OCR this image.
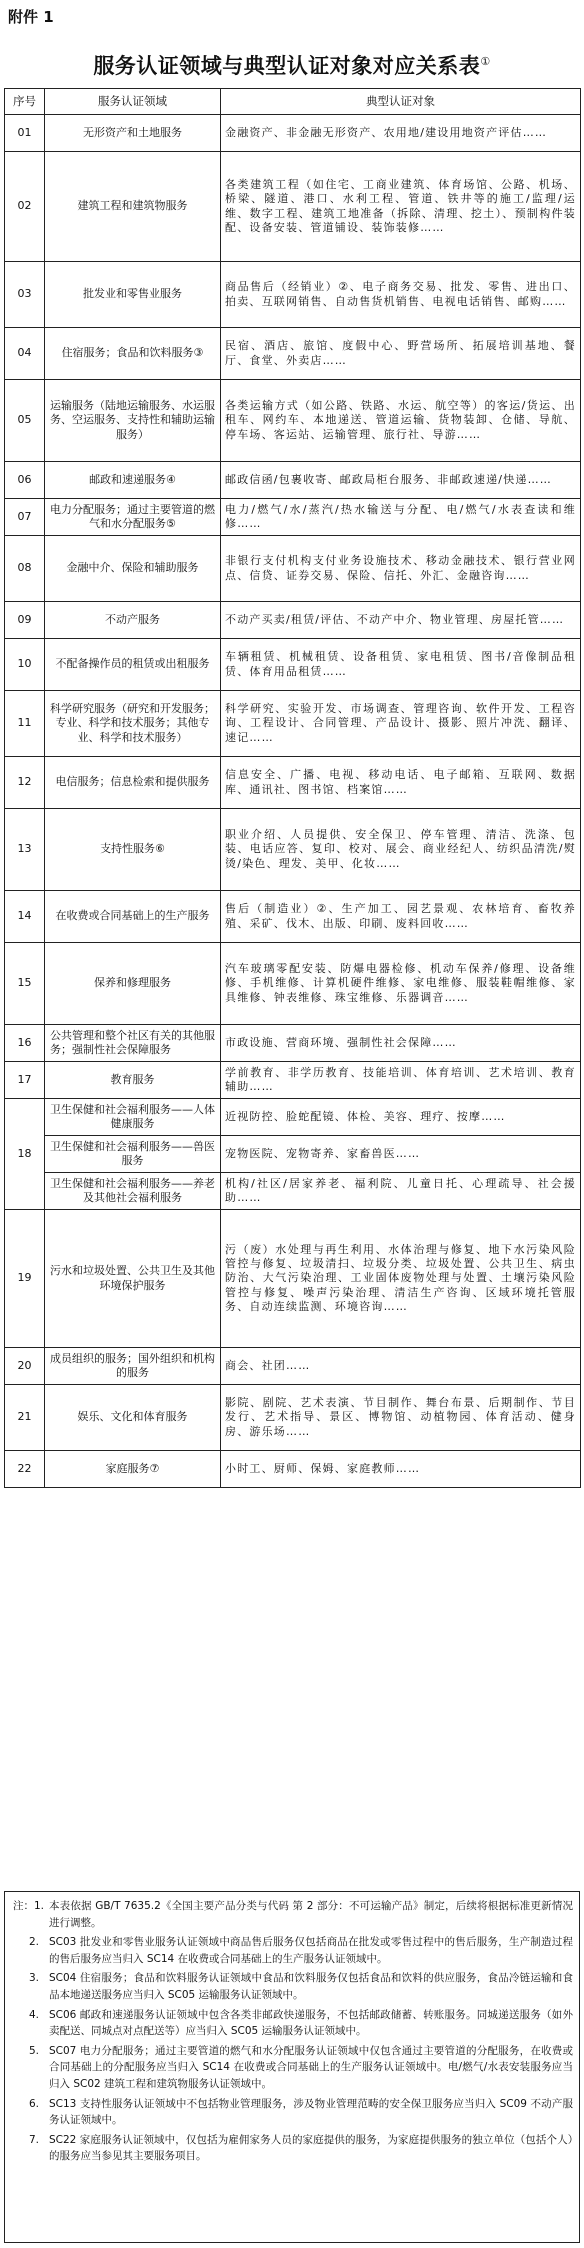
附件 1
服务认证领域与典型认证对象对应关系表①
序号	服务认证领域	典型认证对象
01	无形资产和土地服务	金融资产、非金融无形资产、农用地/建设用地资产评估……
02	建筑工程和建筑物服务	各类建筑工程（如住宅、工商业建筑、体育场馆、公路、机场、桥梁、隧道、港口、水利工程、管道、铁井等的施工/监理/运维、数字工程、建筑工地准备（拆除、清理、挖土）、预制构件装配、设备安装、管道铺设、装饰装修……
03	批发业和零售业服务	商品售后（经销业）②、电子商务交易、批发、零售、进出口、拍卖、互联网销售、自动售货机销售、电视电话销售、邮购……
04	住宿服务；食品和饮料服务③	民宿、酒店、旅馆、度假中心、野营场所、拓展培训基地、餐厅、食堂、外卖店……
05	运输服务（陆地运输服务、水运服务、空运服务、支持性和辅助运输服务）	各类运输方式（如公路、铁路、水运、航空等）的客运/货运、出租车、网约车、本地递送、管道运输、货物装卸、仓储、导航、停车场、客运站、运输管理、旅行社、导游……
06	邮政和速递服务④	邮政信函/包裹收寄、邮政局柜台服务、非邮政速递/快递……
07	电力分配服务；通过主要管道的燃气和水分配服务⑤	电力/燃气/水/蒸汽/热水输送与分配、电/燃气/水表查读和维修……
08	金融中介、保险和辅助服务	非银行支付机构支付业务设施技术、移动金融技术、银行营业网点、信贷、证券交易、保险、信托、外汇、金融咨询……
09	不动产服务	不动产买卖/租赁/评估、不动产中介、物业管理、房屋托管……
10	不配备操作员的租赁或出租服务	车辆租赁、机械租赁、设备租赁、家电租赁、图书/音像制品租赁、体育用品租赁……
11	科学研究服务（研究和开发服务；专业、科学和技术服务；其他专业、科学和技术服务）	科学研究、实验开发、市场调查、管理咨询、软件开发、工程咨询、工程设计、合同管理、产品设计、摄影、照片冲洗、翻译、速记……
12	电信服务；信息检索和提供服务	信息安全、广播、电视、移动电话、电子邮箱、互联网、数据库、通讯社、图书馆、档案馆……
13	支持性服务⑥	职业介绍、人员提供、安全保卫、停车管理、清洁、洗涤、包装、电话应答、复印、校对、展会、商业经纪人、纺织品清洗/熨烫/染色、理发、美甲、化妆……
14	在收费或合同基础上的生产服务	售后（制造业）②、生产加工、园艺景观、农林培育、畜牧养殖、采矿、伐木、出版、印刷、废料回收……
15	保养和修理服务	汽车玻璃零配安装、防爆电器检修、机动车保养/修理、设备维修、手机维修、计算机硬件维修、家电维修、服装鞋帽维修、家具维修、钟表维修、珠宝维修、乐器调音……
16	公共管理和整个社区有关的其他服务；强制性社会保障服务	市政设施、营商环境、强制性社会保障……
17	教育服务	学前教育、非学历教育、技能培训、体育培训、艺术培训、教育辅助……
18	卫生保健和社会福利服务——人体健康服务	近视防控、脸蛇配镜、体检、美容、理疗、按摩……
	卫生保健和社会福利服务——兽医服务	宠物医院、宠物寄养、家畜兽医……
	卫生保健和社会福利服务——养老及其他社会福利服务	机构/社区/居家养老、福利院、儿童日托、心理疏导、社会援助……
19	污水和垃圾处置、公共卫生及其他环境保护服务	污（废）水处理与再生利用、水体治理与修复、地下水污染风险管控与修复、垃圾清扫、垃圾分类、垃圾处置、公共卫生、病虫防治、大气污染治理、工业固体废物处理与处置、土壤污染风险管控与修复、噪声污染治理、清洁生产咨询、区域环境托管服务、自动连续监测、环境咨询……
20	成员组织的服务；国外组织和机构的服务	商会、社团……
21	娱乐、文化和体育服务	影院、剧院、艺术表演、节目制作、舞台布景、后期制作、节目发行、艺术指导、景区、博物馆、动植物园、体育活动、健身房、游乐场……
22	家庭服务⑦	小时工、厨师、保姆、家庭教师……
注：1. 本表依据 GB/T 7635.2《全国主要产品分类与代码 第 2 部分：不可运输产品》制定，后续将根据标准更新情况进行调整。
2. SC03 批发业和零售业服务认证领域中商品售后服务仅包括商品在批发或零售过程中的售后服务，生产制造过程的售后服务应当归入 SC14 在收费或合同基础上的生产服务认证领域中。
3. SC04 住宿服务；食品和饮料服务认证领域中食品和饮料服务仅包括食品和饮料的供应服务，食品冷链运输和食品本地递送服务应当归入 SC05 运输服务认证领域中。
4. SC06 邮政和速递服务认证领域中包含各类非邮政快递服务，不包括邮政储蓄、转账服务。同城递送服务（如外卖配送、同城点对点配送等）应当归入 SC05 运输服务认证领域中。
5. SC07 电力分配服务；通过主要管道的燃气和水分配服务认证领域中仅包含通过主要管道的分配服务，在收费或合同基础上的分配服务应当归入 SC14 在收费或合同基础上的生产服务认证领域中。电/燃气/水表安装服务应当归入 SC02 建筑工程和建筑物服务认证领域中。
6. SC13 支持性服务认证领域中不包括物业管理服务，涉及物业管理范畴的安全保卫服务应当归入 SC09 不动产服务认证领域中。
7. SC22 家庭服务认证领域中，仅包括为雇佣家务人员的家庭提供的服务，为家庭提供服务的独立单位（包括个人）的服务应当参见其主要服务项目。
